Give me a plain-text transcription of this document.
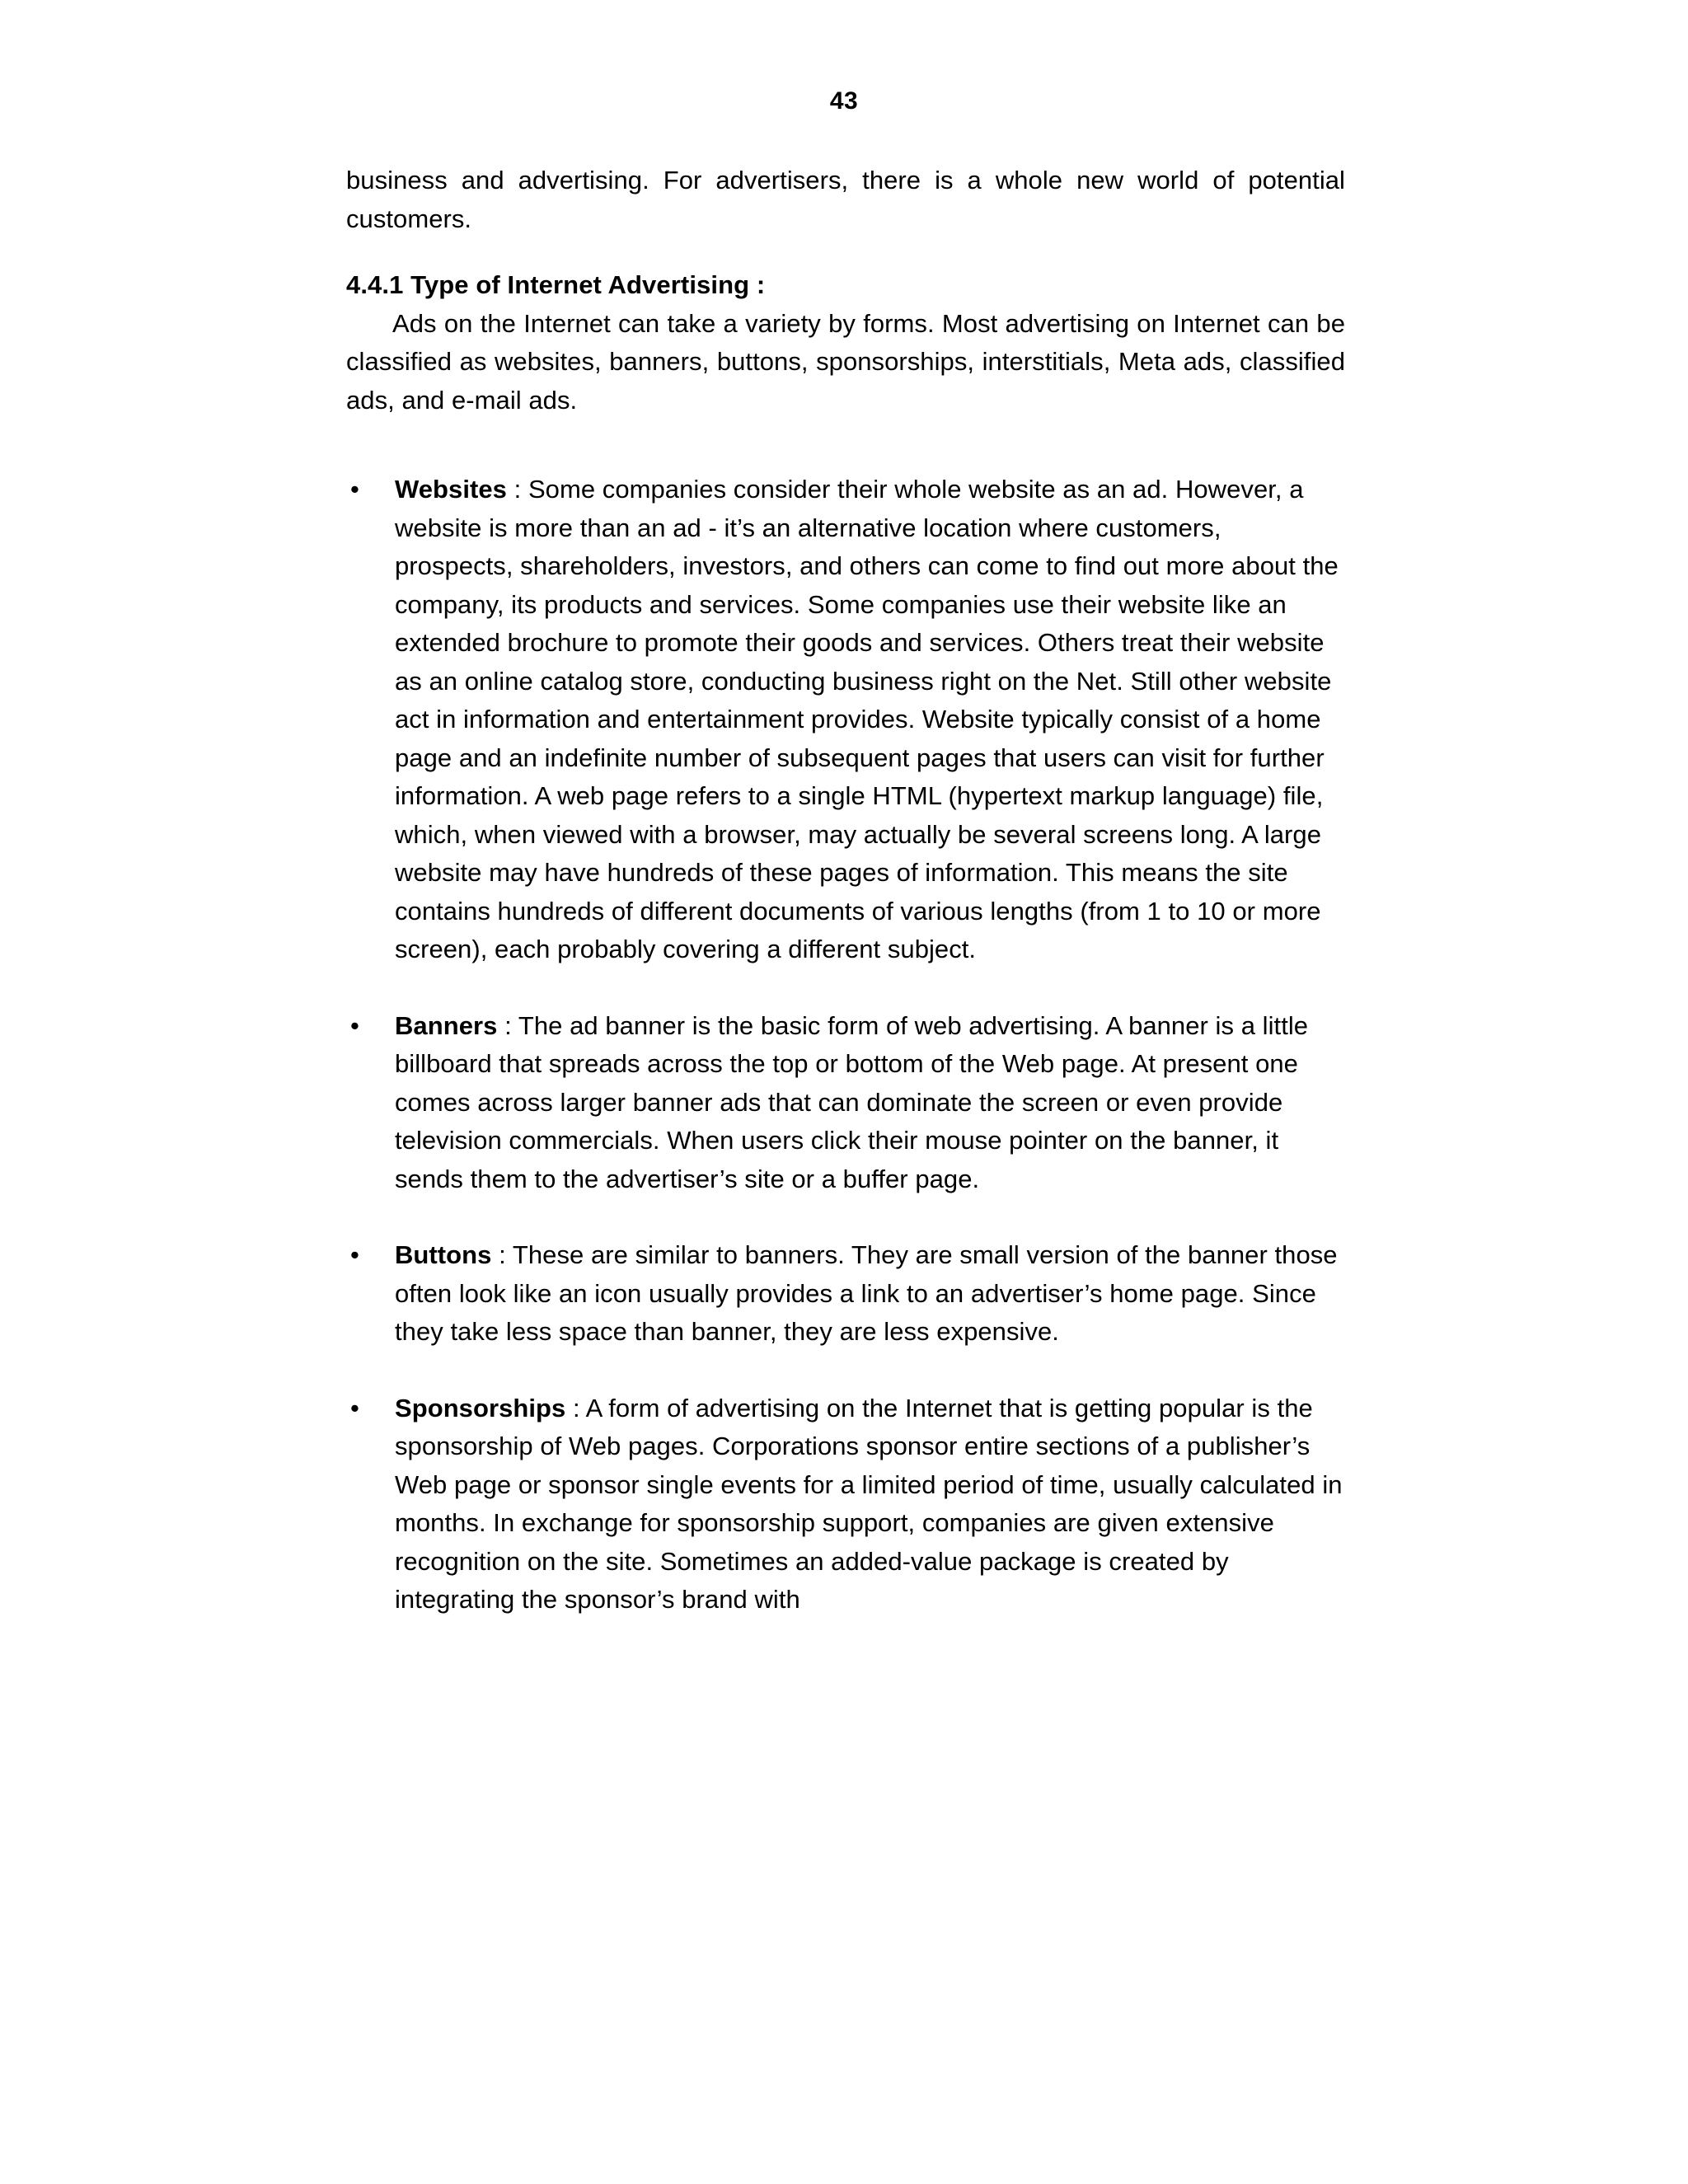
43

business and advertising. For advertisers, there is a whole new world of potential customers.

4.4.1 Type of Internet Advertising :

Ads on the Internet can take a variety by forms. Most advertising on Internet can be classified as websites, banners, buttons, sponsorships, interstitials, Meta ads, classified ads, and e-mail ads.

• Websites : Some companies consider their whole website as an ad. However, a website is more than an ad - it’s an alternative location where customers, prospects, shareholders, investors, and others can come to find out more about the company, its products and services. Some companies use their website like an extended brochure to promote their goods and services. Others treat their website as an online catalog store, conducting business right on the Net. Still other website act in information and entertainment provides. Website typically consist of a home page and an indefinite number of subsequent pages that users can visit for further information. A web page refers to a single HTML (hypertext markup language) file, which, when viewed with a browser, may actually be several screens long. A large website may have hundreds of these pages of information. This means the site contains hundreds of different documents of various lengths (from 1 to 10 or more screen), each probably covering a different subject.
• Banners : The ad banner is the basic form of web advertising. A banner is a little billboard that spreads across the top or bottom of the Web page. At present one comes across larger banner ads that can dominate the screen or even provide television commercials. When users click their mouse pointer on the banner, it sends them to the advertiser’s site or a buffer page.
• Buttons : These are similar to banners. They are small version of the banner those often look like an icon usually provides a link to an advertiser’s home page. Since they take less space than banner, they are less expensive.
• Sponsorships : A form of advertising on the Internet that is getting popular is the sponsorship of Web pages. Corporations sponsor entire sections of a publisher’s Web page or sponsor single events for a limited period of time, usually calculated in months. In exchange for sponsorship support, companies are given extensive recognition on the site. Sometimes an added-value package is created by integrating the sponsor’s brand with
